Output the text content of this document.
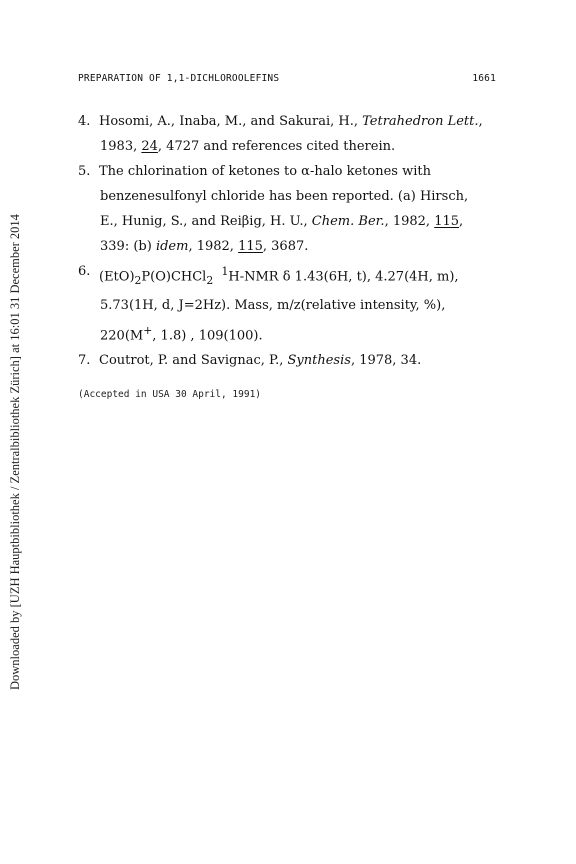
Downloaded by [UZH Hauptbibliothek / Zentralbibliothek Zürich] at 16:01 31 December 2014
PREPARATION OF 1,1-DICHLOROOLEFINS	1661
4. Hosomi, A., Inaba, M., and Sakurai, H., Tetrahedron Lett.,
1983, 24, 4727 and references cited therein.
5. The chlorination of ketones to α-halo ketones with
benzenesulfonyl chloride has been reported. (a) Hirsch,
E., Hunig, S., and Reiβig, H. U., Chem. Ber., 1982, 115,
339: (b) idem, 1982, 115, 3687.
6. $(EtO)_2P(O)CHCl_2$  $^1$H-NMR δ 1.43(6H, t), 4.27(4H, m),
5.73(1H, d, J=2Hz). Mass, m/z(relative intensity, %),
220(M+, 1.8) , 109(100).
7. Coutrot, P. and Savignac, P., Synthesis, 1978, 34.
(Accepted in USA 30 April, 1991)
